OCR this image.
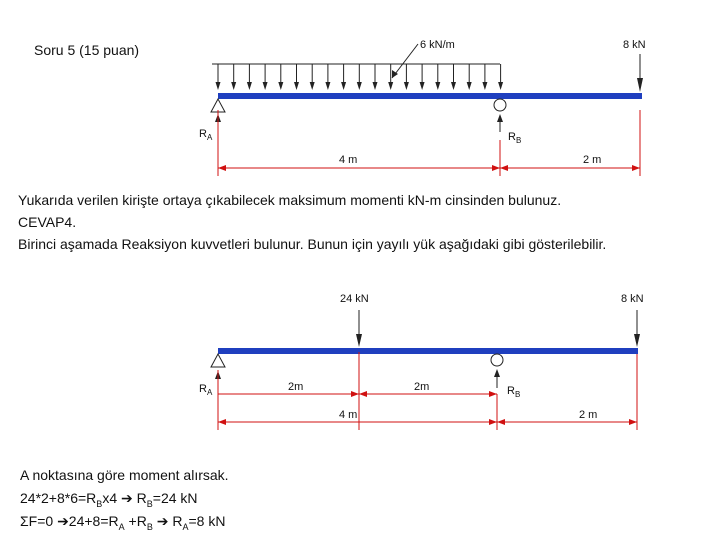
Soru 5 (15 puan)	6 kN/m	8 kN
$R_A$	$R_B$
4 m	2 m
24 kN	8 kN
$R_A$	$R_B$
2m	2m
4 m	2 m
Yukarıda verilen kirişte ortaya çıkabilecek maksimum momenti kN-m cinsinden bulunuz.
CEVAP4.
Birinci aşamada Reaksiyon kuvvetleri bulunur. Bunun için yayılı yük aşağıdaki gibi gösterilebilir.
A noktasına göre moment alırsak.
$24*2+8*6=R_Bx4$ ➔ $R_B=24$ kN
ΣF=0 $➔24+8=R_A +R_B$ ➔ $R_A=8$ kN
